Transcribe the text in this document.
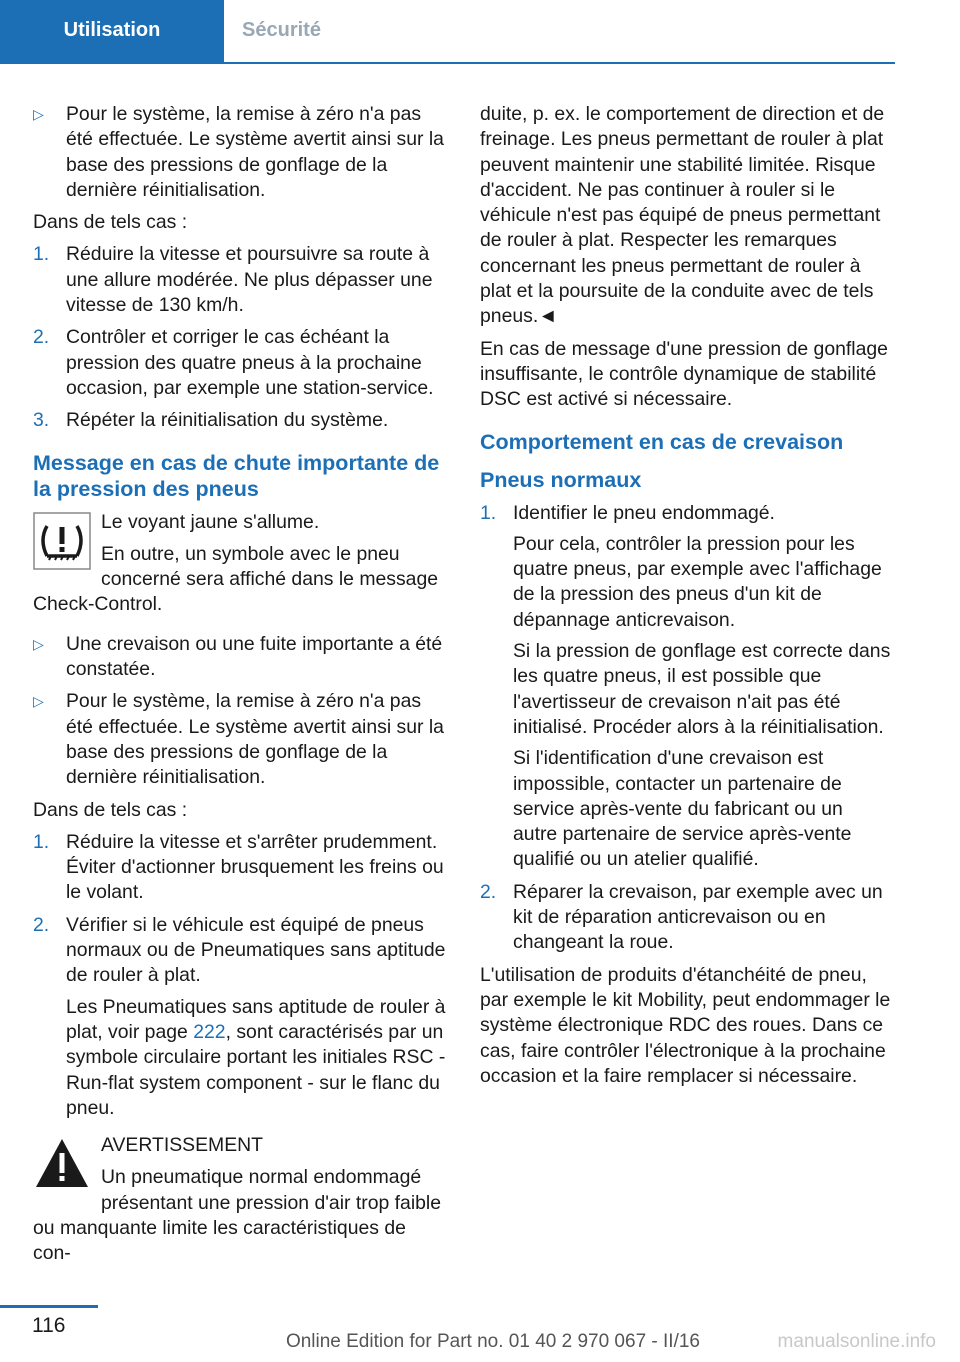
Utilisation	Sécurité
▷ Pour le système, la remise à zéro n'a pas été effectuée. Le système avertit ainsi sur la base des pressions de gonflage de la dernière réinitialisation.

Dans de tels cas :

1. Réduire la vitesse et poursuivre sa route à une allure modérée. Ne plus dépasser une vitesse de 130 km/h.
2. Contrôler et corriger le cas échéant la pression des quatre pneus à la prochaine occasion, par exemple une station-service.
3. Répéter la réinitialisation du système.
Message en cas de chute importante de la pression des pneus

Le voyant jaune s'allume.

En outre, un symbole avec le pneu concerné sera affiché dans le message Check-Control.

▷ Une crevaison ou une fuite importante a été constatée.
▷ Pour le système, la remise à zéro n'a pas été effectuée. Le système avertit ainsi sur la base des pressions de gonflage de la dernière réinitialisation.

Dans de tels cas :

1. Réduire la vitesse et s'arrêter prudemment. Éviter d'actionner brusquement les freins ou le volant.
2. Vérifier si le véhicule est équipé de pneus normaux ou de Pneumatiques sans aptitude de rouler à plat.

Les Pneumatiques sans aptitude de rouler à plat, voir page 222, sont caractérisés par un symbole circulaire portant les initiales RSC - Run-flat system component - sur le flanc du pneu.

AVERTISSEMENT

Un pneumatique normal endommagé présentant une pression d'air trop faible ou manquante limite les caractéristiques de con-

duite, p. ex. le comportement de direction et de freinage. Les pneus permettant de rouler à plat peuvent maintenir une stabilité limitée. Risque d'accident. Ne pas continuer à rouler si le véhicule n'est pas équipé de pneus permettant de rouler à plat. Respecter les remarques concernant les pneus permettant de rouler à plat et la poursuite de la conduite avec de tels pneus.◄

En cas de message d'une pression de gonflage insuffisante, le contrôle dynamique de stabilité DSC est activé si nécessaire.

Comportement en cas de crevaison
Pneus normaux
1. Identifier le pneu endommagé.

Pour cela, contrôler la pression pour les quatre pneus, par exemple avec l'affichage de la pression des pneus d'un kit de dépannage anticrevaison.

Si la pression de gonflage est correcte dans les quatre pneus, il est possible que l'avertisseur de crevaison n'ait pas été initialisé. Procéder alors à la réinitialisation.

Si l'identification d'une crevaison est impossible, contacter un partenaire de service après-vente du fabricant ou un autre partenaire de service après-vente qualifié ou un atelier qualifié.

2. Réparer la crevaison, par exemple avec un kit de réparation anticrevaison ou en changeant la roue.

L'utilisation de produits d'étanchéité de pneu, par exemple le kit Mobility, peut endommager le système électronique RDC des roues. Dans ce cas, faire contrôler l'électronique à la prochaine occasion et la faire remplacer si nécessaire.

116
Online Edition for Part no. 01 40 2 970 067 - II/16	manualsonline.info
